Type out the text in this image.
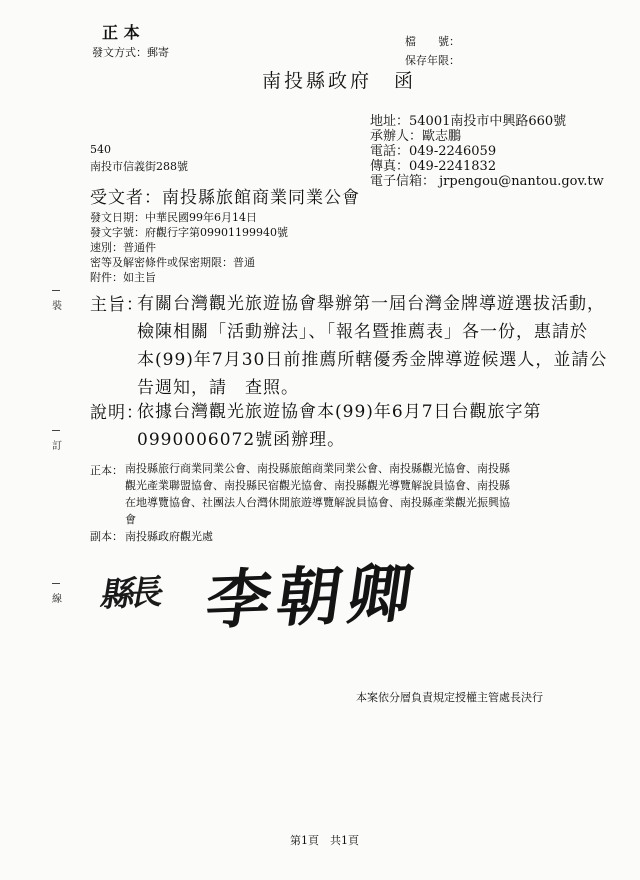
正 本
發文方式：郵寄
檔　　號：
保存年限：
南投縣政府　函
地址：54001南投市中興路660號
承辦人：歐志鵬
電話：049-2246059
傳真：049-2241832
電子信箱： jrpengou@nantou.gov.tw
540
南投市信義街288號
受文者：南投縣旅館商業同業公會
發文日期：中華民國99年6月14日
發文字號：府觀行字第09901199940號
速別：普通件
密等及解密條件或保密期限：普通
附件：如主旨
主旨：
有關台灣觀光旅遊協會舉辦第一屆台灣金牌導遊選拔活動，
檢陳相關「活動辦法」、「報名暨推薦表」各一份，惠請於
本(99)年7月30日前推薦所轄優秀金牌導遊候選人，並請公
告週知，請　查照。
說明：
依據台灣觀光旅遊協會本(99)年6月7日台觀旅字第
0990006072號函辦理。
正本： 南投縣旅行商業同業公會、南投縣旅館商業同業公會、南投縣觀光協會、南投縣
觀光產業聯盟協會、南投縣民宿觀光協會、南投縣觀光導覽解說員協會、南投縣
在地導覽協會、社團法人台灣休閒旅遊導覽解說員協會、南投縣產業觀光振興協
會
副本： 南投縣政府觀光處
縣長 李朝卿
本案依分層負責規定授權主管處長決行
裝
訂
線
第1頁　共1頁
